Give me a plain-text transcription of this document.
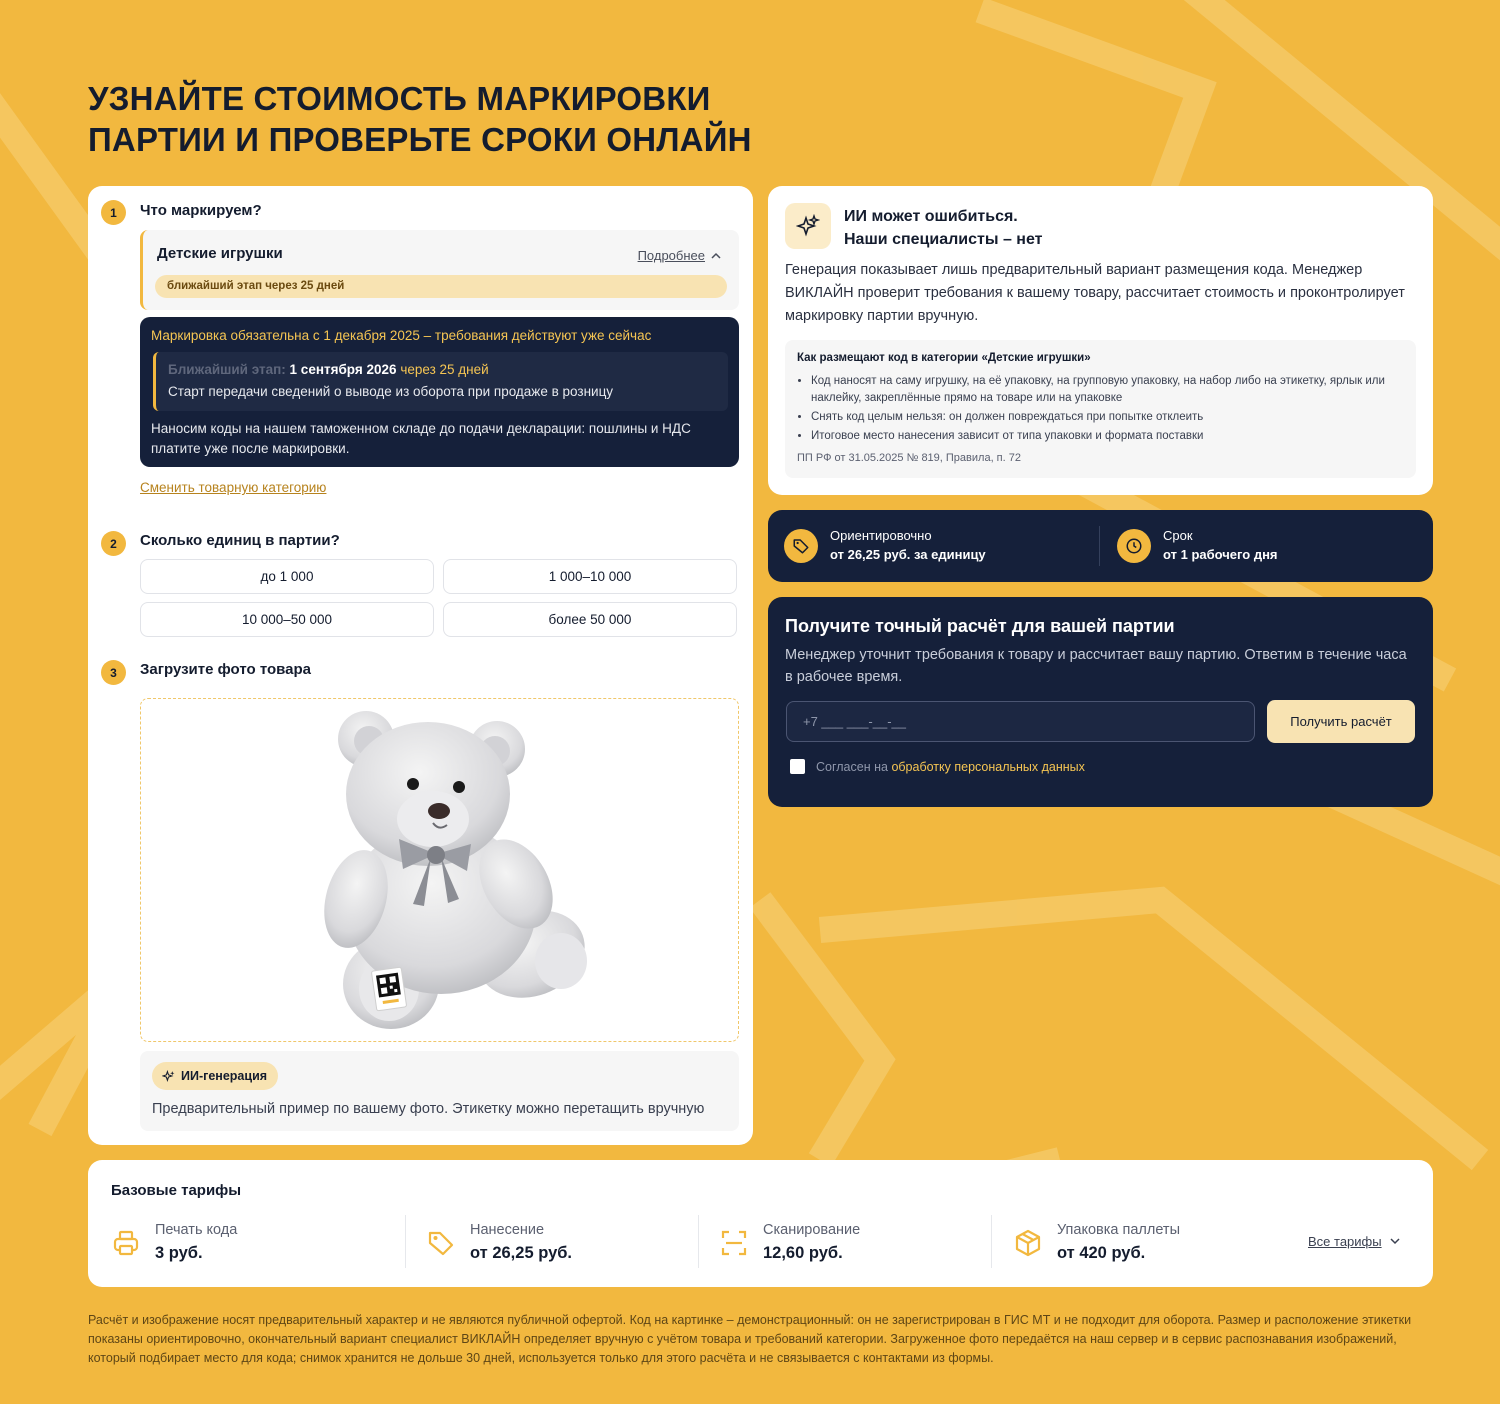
УЗНАЙТЕ СТОИМОСТЬ МАРКИРОВКИ
ПАРТИИ И ПРОВЕРЬТЕ СРОКИ ОНЛАЙН
1	Что маркируем?
Детские игрушки	Подробнее
ближайший этап через 25 дней
Маркировка обязательна с 1 декабря 2025 – требования действуют уже сейчас
Ближайший этап: 1 сентября 2026 через 25 дней
Старт передачи сведений о выводе из оборота при продаже в розницу
Наносим коды на нашем таможенном складе до подачи декларации: пошлины и НДС платите уже после маркировки.
Сменить товарную категорию
2	Сколько единиц в партии?
до 1 000	1 000–10 000
10 000–50 000	более 50 000
3	Загрузите фото товара
ИИ-генерация
Предварительный пример по вашему фото. Этикетку можно перетащить вручную
ИИ может ошибиться.
Наши специалисты – нет
Генерация показывает лишь предварительный вариант размещения кода. Менеджер ВИКЛАЙН проверит требования к вашему товару, рассчитает стоимость и проконтролирует маркировку партии вручную.
Как размещают код в категории «Детские игрушки»
• Код наносят на саму игрушку, на её упаковку, на групповую упаковку, на набор либо на этикетку, ярлык или наклейку, закреплённые прямо на товаре или на упаковке
• Снять код целым нельзя: он должен повреждаться при попытке отклеить
• Итоговое место нанесения зависит от типа упаковки и формата поставки
ПП РФ от 31.05.2025 № 819, Правила, п. 72
Ориентировочно
от 26,25 руб. за единицу
Срок
от 1 рабочего дня
Получите точный расчёт для вашей партии
Менеджер уточнит требования к товару и рассчитает вашу партию. Ответим в течение часа в рабочее время.
+7 ___ ___-__-__	Получить расчёт
Согласен на обработку персональных данных
Базовые тарифы
Печать кода
3 руб.
Нанесение
от 26,25 руб.
Сканирование
12,60 руб.
Упаковка паллеты
от 420 руб.
Все тарифы

Расчёт и изображение носят предварительный характер и не являются публичной офертой. Код на картинке – демонстрационный: он не зарегистрирован в ГИС МТ и не подходит для оборота. Размер и расположение этикетки показаны ориентировочно, окончательный вариант специалист ВИКЛАЙН определяет вручную с учётом товара и требований категории. Загруженное фото передаётся на наш сервер и в сервис распознавания изображений, который подбирает место для кода; снимок хранится не дольше 30 дней, используется только для этого расчёта и не связывается с контактами из формы.
